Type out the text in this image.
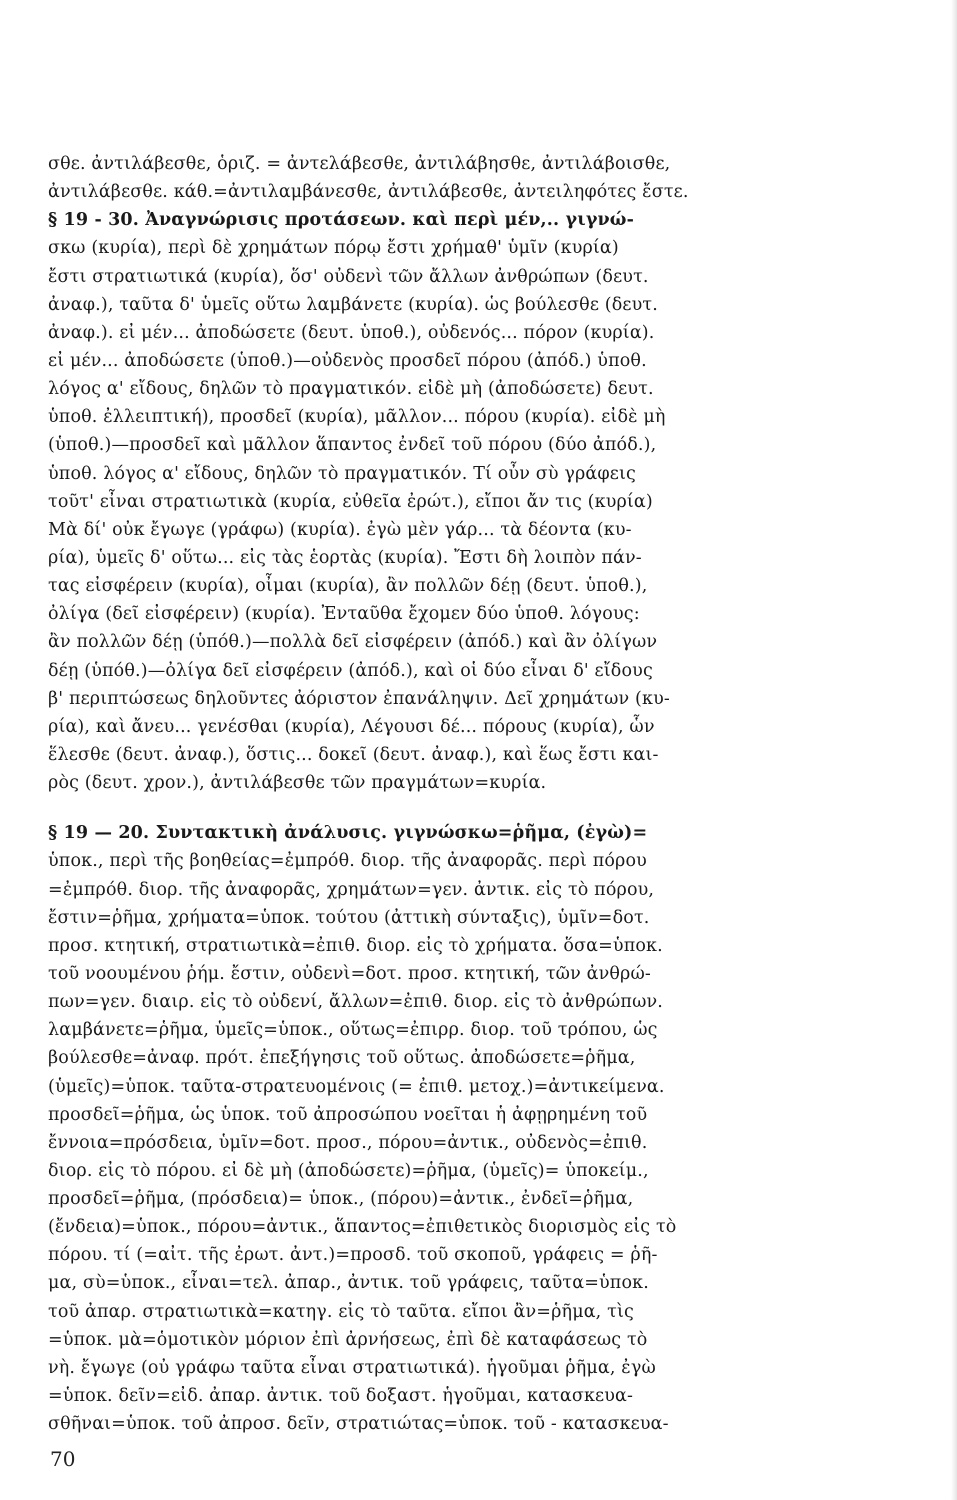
σθε. ἀντιλάβεσθε, ὁριζ. = ἀντελάβεσθε, ἀντιλάβησθε, ἀντιλάβοισθε,
ἀντιλάβεσθε. κάθ.=ἀντιλαμβάνεσθε, ἀντιλάβεσθε, ἀντειληφότες ἔστε.
§ 19 - 30. Ἀναγνώρισις προτάσεων. καὶ περὶ μέν,.. γιγνώ-
σκω (κυρία), περὶ δὲ χρημάτων πόρῳ ἔστι χρήμαθ' ὑμῖν (κυρία)
ἔστι στρατιωτικά (κυρία), ὅσ' οὐδενὶ τῶν ἄλλων ἀνθρώπων (δευτ.
ἀναφ.), ταῦτα δ' ὑμεῖς οὕτω λαμβάνετε (κυρία). ὡς βούλεσθε (δευτ.
ἀναφ.). εἰ μέν... ἀποδώσετε (δευτ. ὑποθ.), οὐδενός... πόρον (κυρία).
εἰ μέν... ἀποδώσετε (ὑποθ.)—οὐδενὸς προσδεῖ πόρου (ἀπόδ.) ὑποθ.
λόγος α' εἴδους, δηλῶν τὸ πραγματικόν. εἰδὲ μὴ (ἀποδώσετε) δευτ.
ὑποθ. ἐλλειπτική), προσδεῖ (κυρία), μᾶλλον... πόρου (κυρία). εἰδὲ μὴ
(ὑποθ.)—προσδεῖ καὶ μᾶλλον ἅπαντος ἐνδεῖ τοῦ πόρου (δύο ἀπόδ.),
ὑποθ. λόγος α' εἴδους, δηλῶν τὸ πραγματικόν. Τί οὖν σὺ γράφεις
τοῦτ' εἶναι στρατιωτικὰ (κυρία, εὐθεῖα ἐρώτ.), εἴποι ἄν τις (κυρία)
Μὰ δί' οὐκ ἔγωγε (γράφω) (κυρία). ἐγὼ μὲν γάρ... τὰ δέοντα (κυ-
ρία), ὑμεῖς δ' οὕτω... εἰς τὰς ἑορτὰς (κυρία). Ἔστι δὴ λοιπὸν πάν-
τας εἰσφέρειν (κυρία), οἶμαι (κυρία), ἂν πολλῶν δέῃ (δευτ. ὑποθ.),
ὀλίγα (δεῖ εἰσφέρειν) (κυρία). Ἐνταῦθα ἔχομεν δύο ὑποθ. λόγους:
ἂν πολλῶν δέῃ (ὑπόθ.)—πολλὰ δεῖ εἰσφέρειν (ἀπόδ.) καὶ ἂν ὀλίγων
δέῃ (ὑπόθ.)—ὀλίγα δεῖ εἰσφέρειν (ἀπόδ.), καὶ οἱ δύο εἶναι δ' εἴδους
β' περιπτώσεως δηλοῦντες ἀόριστον ἐπανάληψιν. Δεῖ χρημάτων (κυ-
ρία), καὶ ἄνευ... γενέσθαι (κυρία), Λέγουσι δέ... πόρους (κυρία), ὧν
ἕλεσθε (δευτ. ἀναφ.), ὅστις... δοκεῖ (δευτ. ἀναφ.), καὶ ἕως ἔστι και-
ρὸς (δευτ. χρον.), ἀντιλάβεσθε τῶν πραγμάτων=κυρία.
§ 19 — 20. Συντακτικὴ ἀνάλυσις. γιγνώσκω=ῥῆμα, (ἐγὼ)=
ὑποκ., περὶ τῆς βοηθείας=ἐμπρόθ. διορ. τῆς ἀναφορᾶς. περὶ πόρου
=ἐμπρόθ. διορ. τῆς ἀναφορᾶς, χρημάτων=γεν. ἀντικ. εἰς τὸ πόρου,
ἔστιν=ῥῆμα, χρήματα=ὑποκ. τούτου (ἀττικὴ σύνταξις), ὑμῖν=δοτ.
προσ. κτητική, στρατιωτικὰ=ἐπιθ. διορ. εἰς τὸ χρήματα. ὅσα=ὑποκ.
τοῦ νοουμένου ῥήμ. ἔστιν, οὐδενὶ=δοτ. προσ. κτητική, τῶν ἀνθρώ-
πων=γεν. διαιρ. εἰς τὸ οὐδενί, ἄλλων=ἐπιθ. διορ. εἰς τὸ ἀνθρώπων.
λαμβάνετε=ῥῆμα, ὑμεῖς=ὑποκ., οὕτως=ἐπιρρ. διορ. τοῦ τρόπου, ὡς
βούλεσθε=ἀναφ. πρότ. ἐπεξήγησις τοῦ οὕτως. ἀποδώσετε=ῥῆμα,
(ὑμεῖς)=ὑποκ. ταῦτα-στρατευομένοις (= ἐπιθ. μετοχ.)=ἀντικείμενα.
προσδεῖ=ῥῆμα, ὡς ὑποκ. τοῦ ἀπροσώπου νοεῖται ἡ ἀφῃρημένη τοῦ
ἔννοια=πρόσδεια, ὑμῖν=δοτ. προσ., πόρου=ἀντικ., οὐδενὸς=ἐπιθ.
διορ. εἰς τὸ πόρου. εἰ δὲ μὴ (ἀποδώσετε)=ῥῆμα, (ὑμεῖς)= ὑποκείμ.,
προσδεῖ=ῥῆμα, (πρόσδεια)= ὑποκ., (πόρου)=ἀντικ., ἐνδεῖ=ῥῆμα,
(ἔνδεια)=ὑποκ., πόρου=ἀντικ., ἅπαντος=ἐπιθετικὸς διορισμὸς εἰς τὸ
πόρου. τί (=αἰτ. τῆς ἐρωτ. ἀντ.)=προσδ. τοῦ σκοποῦ, γράφεις = ῥῆ-
μα, σὺ=ὑποκ., εἶναι=τελ. ἀπαρ., ἀντικ. τοῦ γράφεις, ταῦτα=ὑποκ.
τοῦ ἀπαρ. στρατιωτικὰ=κατηγ. εἰς τὸ ταῦτα. εἴποι ἂν=ῥῆμα, τὶς
=ὑποκ. μὰ=ὁμοτικὸν μόριον ἐπὶ ἀρνήσεως, ἐπὶ δὲ καταφάσεως τὸ
νὴ. ἔγωγε (οὐ γράφω ταῦτα εἶναι στρατιωτικά). ἡγοῦμαι ῥῆμα, ἐγὼ
=ὑποκ. δεῖν=εἰδ. ἀπαρ. ἀντικ. τοῦ δοξαστ. ἡγοῦμαι, κατασκευα-
σθῆναι=ὑποκ. τοῦ ἀπροσ. δεῖν, στρατιώτας=ὑποκ. τοῦ - κατασκευα-
70
